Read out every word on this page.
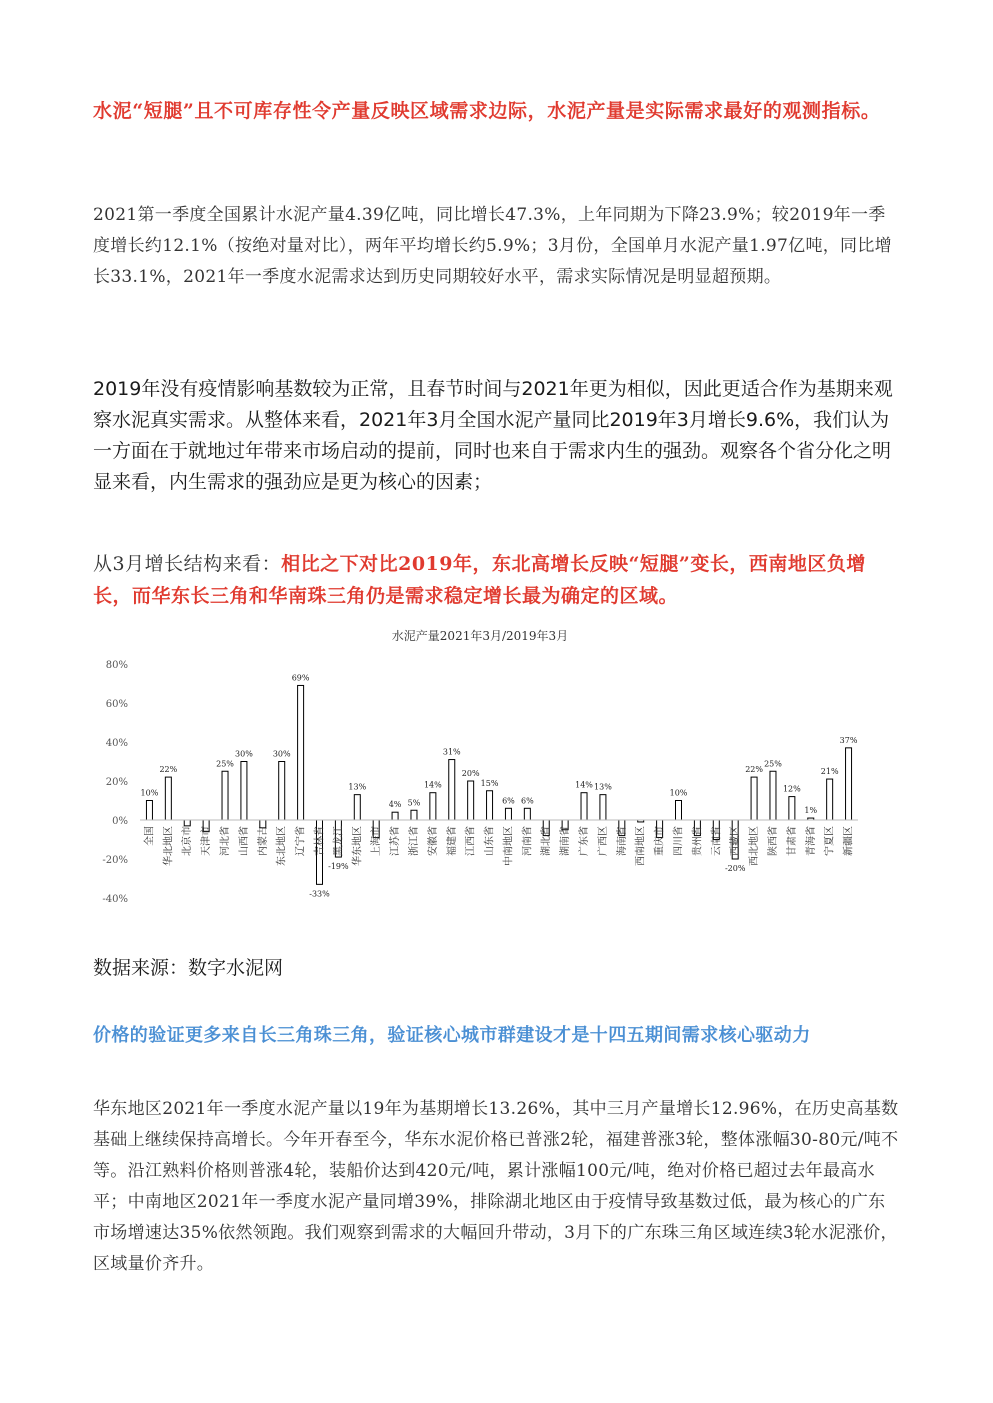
水泥“短腿”且不可库存性令产量反映区域需求边际，水泥产量是实际需求最好的观测指标。
2021第一季度全国累计水泥产量4.39亿吨，同比增长47.3%，上年同期为下降23.9%；较2019年一季度增长约12.1%（按绝对量对比），两年平均增长约5.9%；3月份，全国单月水泥产量1.97亿吨，同比增长33.1%，2021年一季度水泥需求达到历史同期较好水平，需求实际情况是明显超预期。
2019年没有疫情影响基数较为正常，且春节时间与2021年更为相似，因此更适合作为基期来观察水泥真实需求。从整体来看，2021年3月全国水泥产量同比2019年3月增长9.6%，我们认为一方面在于就地过年带来市场启动的提前，同时也来自于需求内生的强劲。观察各个省分化之明显来看，内生需求的强劲应是更为核心的因素；
从3月增长结构来看：相比之下对比2019年，东北高增长反映“短腿”变长，西南地区负增长，而华东长三角和华南珠三角仍是需求稳定增长最为确定的区域。
水泥产量2021年3月/2019年3月
80%
60%
40%
20%
0%
-20%
-40%
10%
22%
25%
30%	30%
69%
-33%
-19%
13%
4% 5%
14%
31%
20%
15%
6% 6%
14% 13%
10%
-20%
22%
25%
12%
1%
21%
37%
全国 华北地区 北京市 天津市 河北省 山西省 内蒙古 东北地区 辽宁省 吉林省 黑龙江 华东地区 上海市 江苏省 浙江省 安徽省 福建省 江西省 山东省 中南地区 河南省 湖北省 湖南省 广东省 广西区 海南省 西南地区 重庆市 四川省 贵州省 云南省 西藏区 西北地区 陕西省 甘肃省 青海省 宁夏区 新疆区
数据来源：数字水泥网
价格的验证更多来自长三角珠三角，验证核心城市群建设才是十四五期间需求核心驱动力
华东地区2021年一季度水泥产量以19年为基期增长13.26%，其中三月产量增长12.96%，在历史高基数基础上继续保持高增长。今年开春至今，华东水泥价格已普涨2轮，福建普涨3轮，整体涨幅30-80元/吨不等。沿江熟料价格则普涨4轮，装船价达到420元/吨，累计涨幅100元/吨，绝对价格已超过去年最高水平；中南地区2021年一季度水泥产量同增39%，排除湖北地区由于疫情导致基数过低，最为核心的广东市场增速达35%依然领跑。我们观察到需求的大幅回升带动，3月下的广东珠三角区域连续3轮水泥涨价，区域量价齐升。
